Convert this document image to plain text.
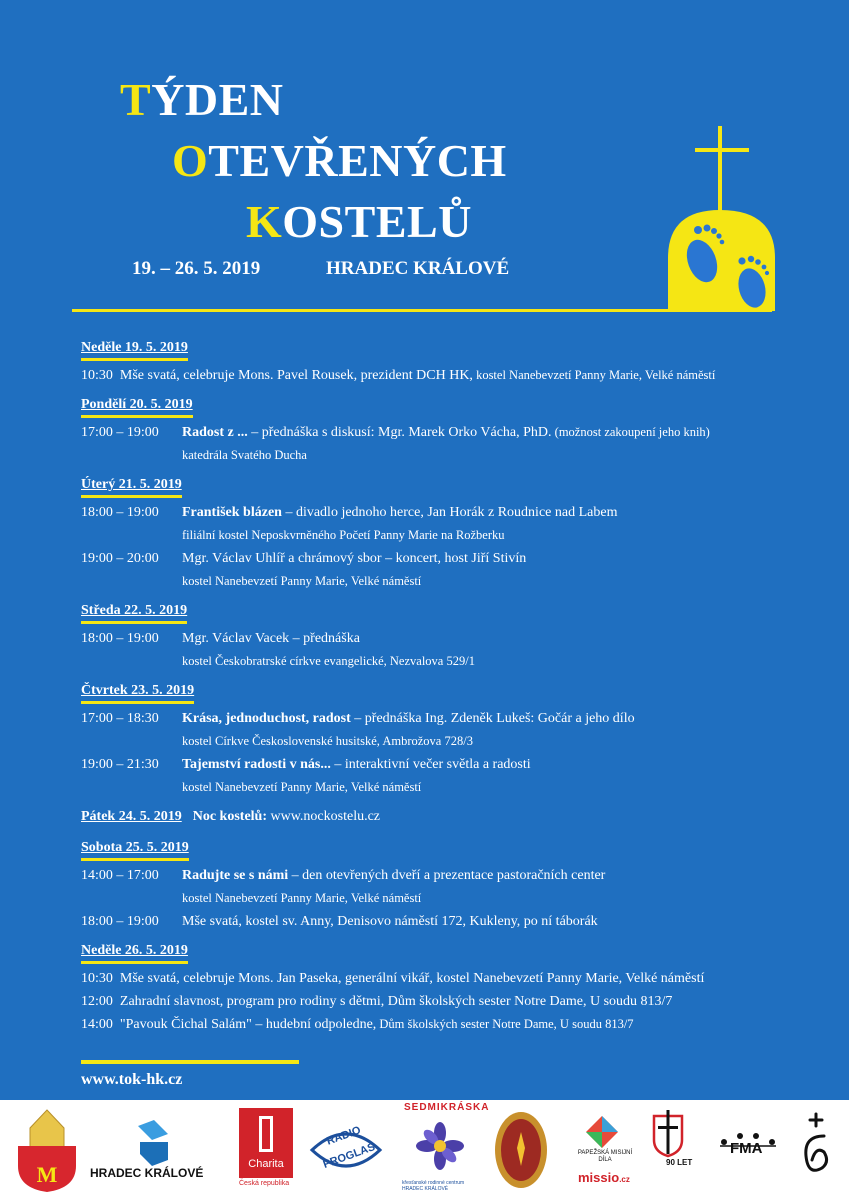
TÝDEN
OTEVŘENÝCH
KOSTELŮ
19. – 26. 5. 2019	HRADEC KRÁLOVÉ
Neděle 19. 5. 2019
10:30 Mše svatá, celebruje Mons. Pavel Rousek, prezident DCH HK, kostel Nanebevzetí Panny Marie, Velké náměstí
Pondělí 20. 5. 2019
17:00 – 19:00 Radost z ... – přednáška s diskusí: Mgr. Marek Orko Vácha, PhD. (možnost zakoupení jeho knih)
katedrála Svatého Ducha
Úterý 21. 5. 2019
18:00 – 19:00 František blázen – divadlo jednoho herce, Jan Horák z Roudnice nad Labem
filiální kostel Neposkvrněného Početí Panny Marie na Rožberku
19:00 – 20:00 Mgr. Václav Uhlíř a chrámový sbor – koncert, host Jiří Stivín
kostel Nanebevzetí Panny Marie, Velké náměstí
Středa 22. 5. 2019
18:00 – 19:00 Mgr. Václav Vacek – přednáška
kostel Českobratrské církve evangelické, Nezvalova 529/1
Čtvrtek 23. 5. 2019
17:00 – 18:30 Krása, jednoduchost, radost – přednáška Ing. Zdeněk Lukeš: Gočár a jeho dílo
kostel Církve Československé husitské, Ambrožova 728/3
19:00 – 21:30 Tajemství radosti v nás... – interaktivní večer světla a radosti
kostel Nanebevzetí Panny Marie, Velké náměstí
Pátek 24. 5. 2019 Noc kostelů: www.nockostelu.cz
Sobota 25. 5. 2019
14:00 – 17:00 Radujte se s námi – den otevřených dveří a prezentace pastoračních center
kostel Nanebevzetí Panny Marie, Velké náměstí
18:00 – 19:00 Mše svatá, kostel sv. Anny, Denisovo náměstí 172, Kukleny, po ní táborák
Neděle 26. 5. 2019
10:30 Mše svatá, celebruje Mons. Jan Paseka, generální vikář, kostel Nanebevzetí Panny Marie, Velké náměstí
12:00 Zahradní slavnost, program pro rodiny s dětmi, Dům školských sester Notre Dame, U soudu 813/7
14:00 "Pavouk Čichal Salám" – hudební odpoledne, Dům školských sester Notre Dame, U soudu 813/7
www.tok-hk.cz
M	HRADEC KRÁLOVÉ
Charita
Česká republika
RADIO
PROGLAS
SEDMIKRÁSKA
křesťanské rodinné centrum HRADEC KRÁLOVÉ
PAPEŽSKÁ MISIJNÍ DÍLA
missio.cz
90 LET
FMA
